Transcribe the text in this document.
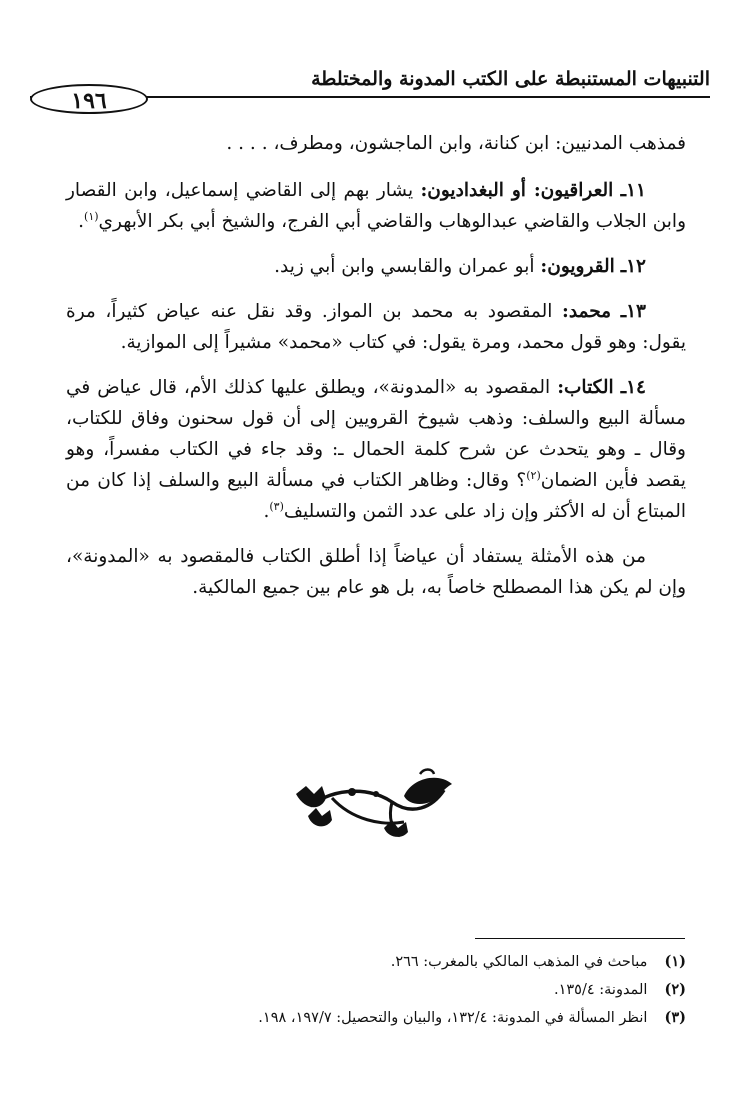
التنبيهات المستنبطة على الكتب المدونة والمختلطة
١٩٦

فمذهب المدنيين: ابن كنانة، وابن الماجشون، ومطرف، . . . .

١١ـ العراقيون: أو البغداديون: يشار بهم إلى القاضي إسماعيل، وابن القصار وابن الجلاب والقاضي عبدالوهاب والقاضي أبي الفرج، والشيخ أبي بكر الأبهري$^{(١)}$.

١٢ـ القرويون: أبو عمران والقابسي وابن أبي زيد.

١٣ـ محمد: المقصود به محمد بن المواز. وقد نقل عنه عياض كثيراً، مرة يقول: وهو قول محمد، ومرة يقول: في كتاب «محمد» مشيراً إلى الموازية.

١٤ـ الكتاب: المقصود به «المدونة»، ويطلق عليها كذلك الأم، قال عياض في مسألة البيع والسلف: وذهب شيوخ القرويين إلى أن قول سحنون وفاق للكتاب، وقال ـ وهو يتحدث عن شرح كلمة الحمال ـ: وقد جاء في الكتاب مفسراً، وهو يقصد فأين الضمان$^{(٢)}$؟ وقال: وظاهر الكتاب في مسألة البيع والسلف إذا كان من المبتاع أن له الأكثر وإن زاد على عدد الثمن والتسليف$^{(٣)}$.

من هذه الأمثلة يستفاد أن عياضاً إذا أطلق الكتاب فالمقصود به «المدونة»، وإن لم يكن هذا المصطلح خاصاً به، بل هو عام بين جميع المالكية.

(١) مباحث في المذهب المالكي بالمغرب: ٢٦٦.
(٢) المدونة: ١٣٥/٤.
(٣) انظر المسألة في المدونة: ١٣٢/٤، والبيان والتحصيل: ١٩٧/٧، ١٩٨.
